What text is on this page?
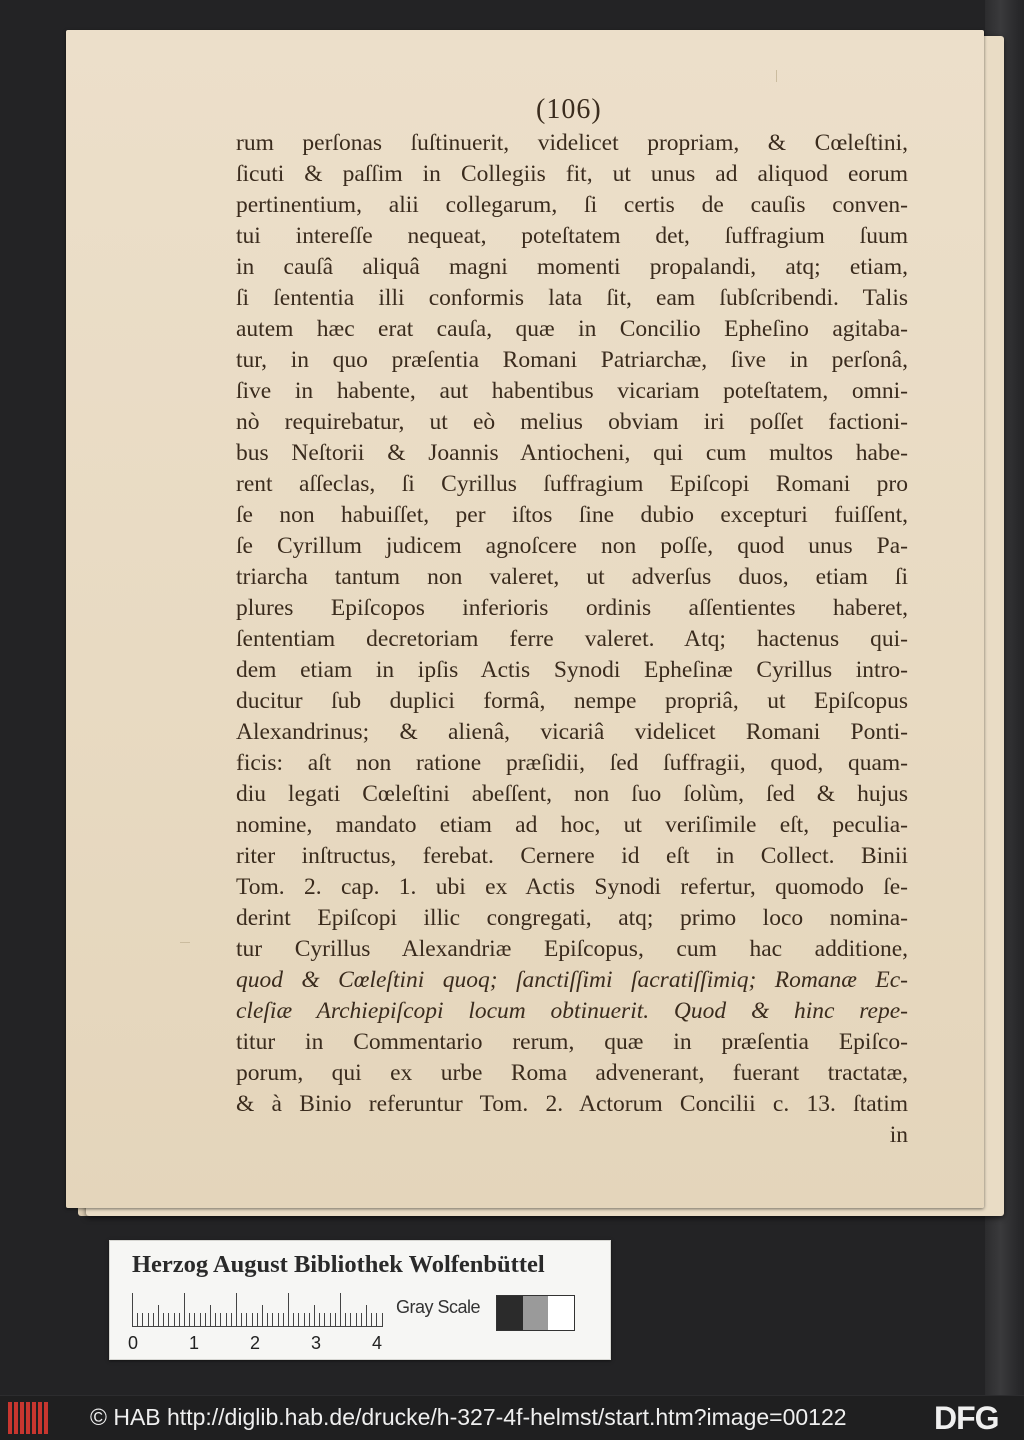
(106)
rum perſonas ſuſtinuerit, videlicet propriam, & Cœleſtini,
ſicuti & paſſim in Collegiis fit, ut unus ad aliquod eorum
pertinentium, alii collegarum, ſi certis de cauſis conven-
tui intereſſe nequeat, poteſtatem det, ſuffragium ſuum
in cauſâ aliquâ magni momenti propalandi, atq; etiam,
ſi ſententia illi conformis lata ſit, eam ſubſcribendi. Talis
autem hæc erat cauſa, quæ in Concilio Epheſino agitaba-
tur, in quo præſentia Romani Patriarchæ, ſive in perſonâ,
ſive in habente, aut habentibus vicariam poteſtatem, omni-
nò requirebatur, ut eò melius obviam iri poſſet factioni-
bus Neſtorii & Joannis Antiocheni, qui cum multos habe-
rent aſſeclas, ſi Cyrillus ſuffragium Epiſcopi Romani pro
ſe non habuiſſet, per iſtos ſine dubio excepturi fuiſſent,
ſe Cyrillum judicem agnoſcere non poſſe, quod unus Pa-
triarcha tantum non valeret, ut adverſus duos, etiam ſi
plures Epiſcopos inferioris ordinis aſſentientes haberet,
ſententiam decretoriam ferre valeret. Atq; hactenus qui-
dem etiam in ipſis Actis Synodi Epheſinæ Cyrillus intro-
ducitur ſub duplici formâ, nempe propriâ, ut Epiſcopus
Alexandrinus; & alienâ, vicariâ videlicet Romani Ponti-
ficis: aſt non ratione præſidii, ſed ſuffragii, quod, quam-
diu legati Cœleſtini abeſſent, non ſuo ſolùm, ſed & hujus
nomine, mandato etiam ad hoc, ut veriſimile eſt, peculia-
riter inſtructus, ferebat. Cernere id eſt in Collect. Binii
Tom. 2. cap. 1. ubi ex Actis Synodi refertur, quomodo ſe-
derint Epiſcopi illic congregati, atq; primo loco nomina-
tur Cyrillus Alexandriæ Epiſcopus, cum hac additione,
quod & Cœleſtini quoq; ſanctiſſimi ſacratiſſimiq; Romanæ Ec-
cleſiæ Archiepiſcopi locum obtinuerit. Quod & hinc repe-
titur in Commentario rerum, quæ in præſentia Epiſco-
porum, qui ex urbe Roma advenerant, fuerant tractatæ,
& à Binio referuntur Tom. 2. Actorum Concilii c. 13. ſtatim
in
Herzog August Bibliothek Wolfenbüttel
0	1	2	3	4
Gray Scale
© HAB http://diglib.hab.de/drucke/h-327-4f-helmst/start.htm?image=00122	DFG
